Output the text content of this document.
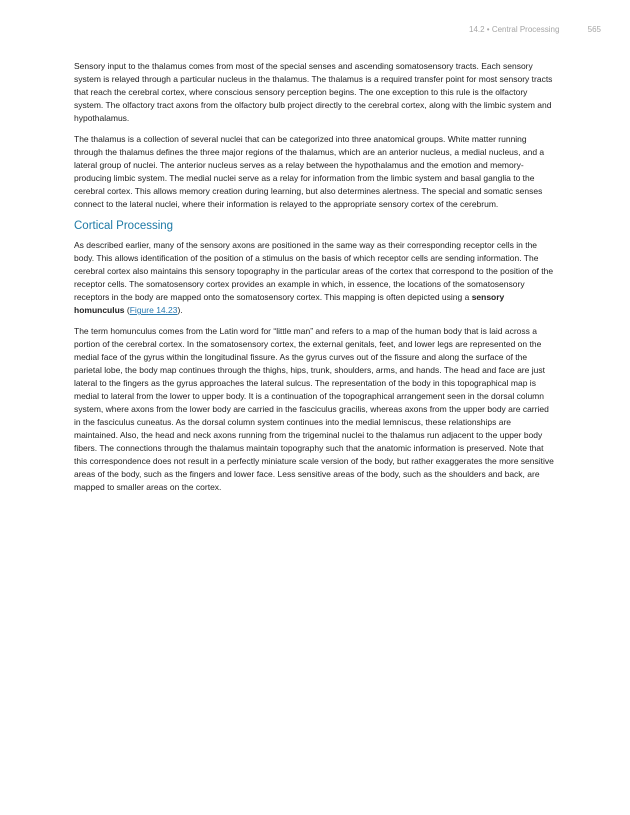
14.2 • Central Processing	565

Sensory input to the thalamus comes from most of the special senses and ascending somatosensory tracts. Each sensory system is relayed through a particular nucleus in the thalamus. The thalamus is a required transfer point for most sensory tracts that reach the cerebral cortex, where conscious sensory perception begins. The one exception to this rule is the olfactory system. The olfactory tract axons from the olfactory bulb project directly to the cerebral cortex, along with the limbic system and hypothalamus.

The thalamus is a collection of several nuclei that can be categorized into three anatomical groups. White matter running through the thalamus defines the three major regions of the thalamus, which are an anterior nucleus, a medial nucleus, and a lateral group of nuclei. The anterior nucleus serves as a relay between the hypothalamus and the emotion and memory-producing limbic system. The medial nuclei serve as a relay for information from the limbic system and basal ganglia to the cerebral cortex. This allows memory creation during learning, but also determines alertness. The special and somatic senses connect to the lateral nuclei, where their information is relayed to the appropriate sensory cortex of the cerebrum.

Cortical Processing

As described earlier, many of the sensory axons are positioned in the same way as their corresponding receptor cells in the body. This allows identification of the position of a stimulus on the basis of which receptor cells are sending information. The cerebral cortex also maintains this sensory topography in the particular areas of the cortex that correspond to the position of the receptor cells. The somatosensory cortex provides an example in which, in essence, the locations of the somatosensory receptors in the body are mapped onto the somatosensory cortex. This mapping is often depicted using a sensory homunculus (Figure 14.23).

The term homunculus comes from the Latin word for “little man” and refers to a map of the human body that is laid across a portion of the cerebral cortex. In the somatosensory cortex, the external genitals, feet, and lower legs are represented on the medial face of the gyrus within the longitudinal fissure. As the gyrus curves out of the fissure and along the surface of the parietal lobe, the body map continues through the thighs, hips, trunk, shoulders, arms, and hands. The head and face are just lateral to the fingers as the gyrus approaches the lateral sulcus. The representation of the body in this topographical map is medial to lateral from the lower to upper body. It is a continuation of the topographical arrangement seen in the dorsal column system, where axons from the lower body are carried in the fasciculus gracilis, whereas axons from the upper body are carried in the fasciculus cuneatus. As the dorsal column system continues into the medial lemniscus, these relationships are maintained. Also, the head and neck axons running from the trigeminal nuclei to the thalamus run adjacent to the upper body fibers. The connections through the thalamus maintain topography such that the anatomic information is preserved. Note that this correspondence does not result in a perfectly miniature scale version of the body, but rather exaggerates the more sensitive areas of the body, such as the fingers and lower face. Less sensitive areas of the body, such as the shoulders and back, are mapped to smaller areas on the cortex.
